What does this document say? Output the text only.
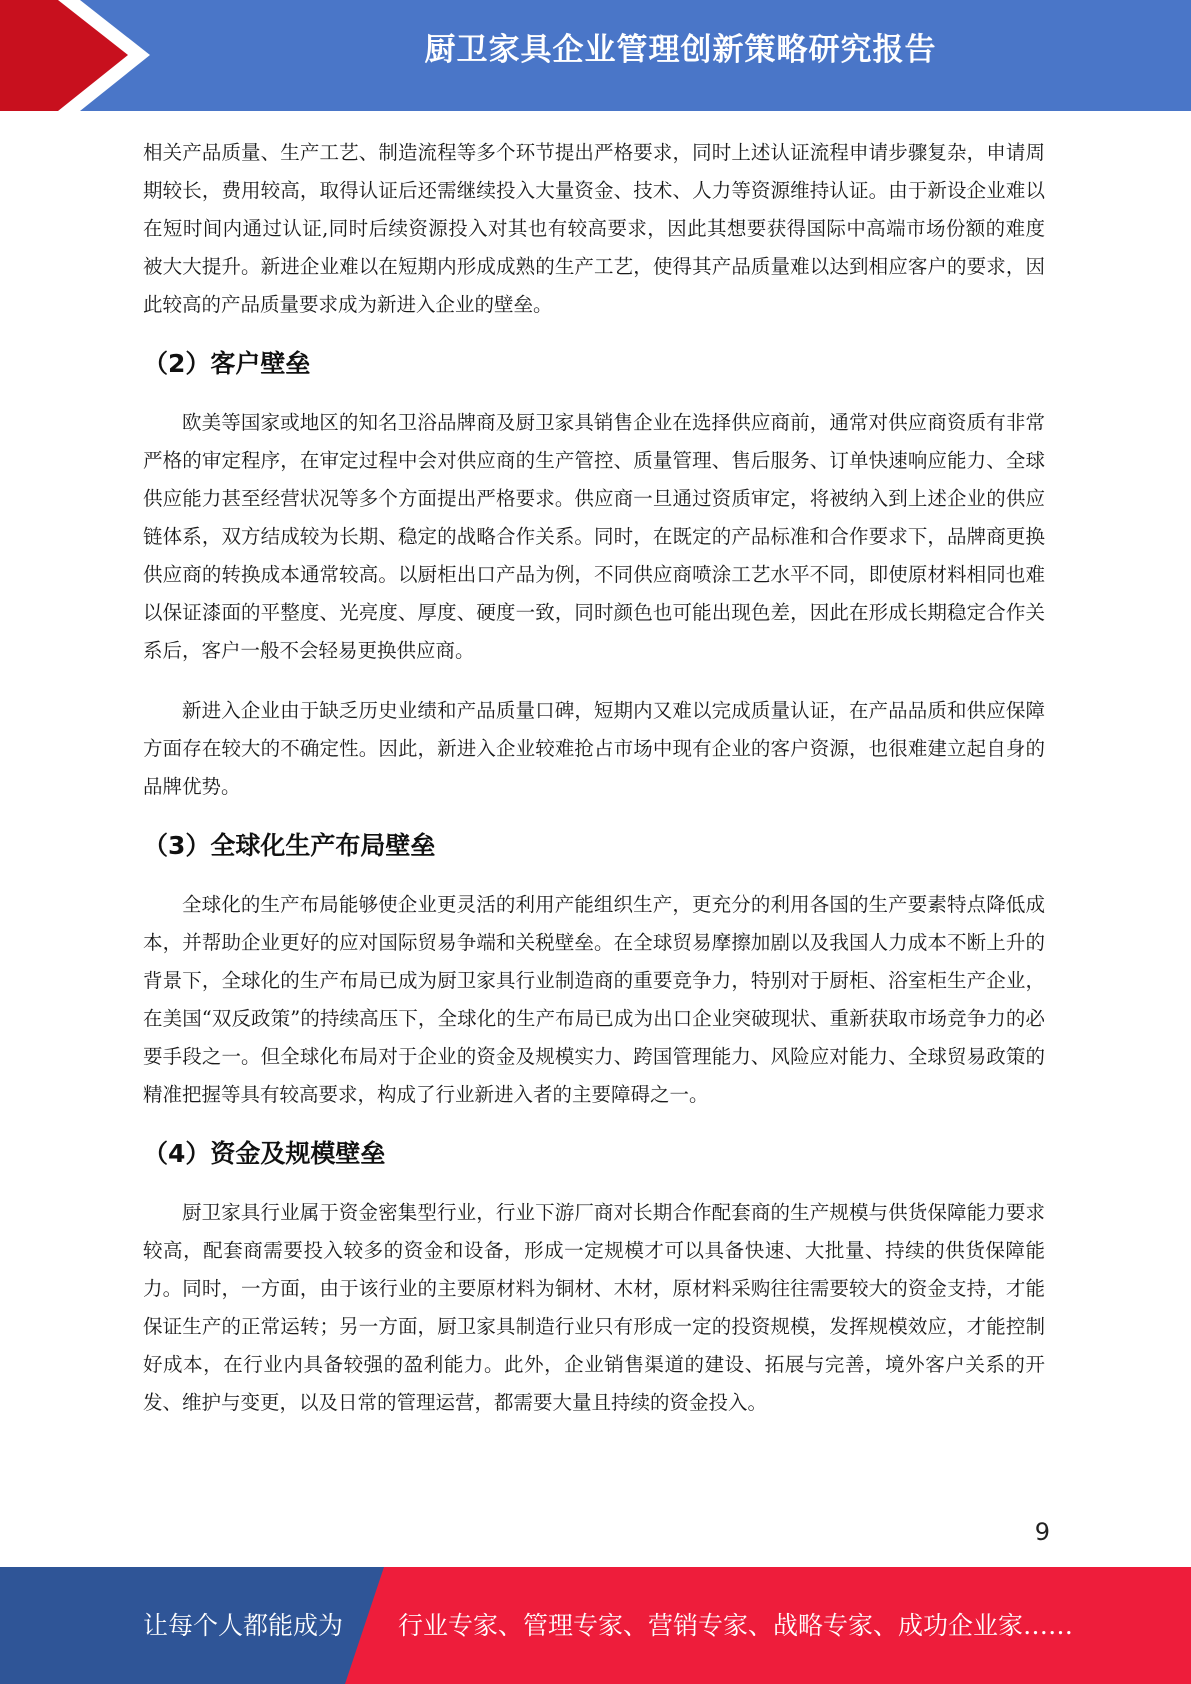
厨卫家具企业管理创新策略研究报告

相关产品质量、生产工艺、制造流程等多个环节提出严格要求，同时上述认证流程申请步骤复杂，申请周期较长，费用较高，取得认证后还需继续投入大量资金、技术、人力等资源维持认证。由于新设企业难以在短时间内通过认证,同时后续资源投入对其也有较高要求，因此其想要获得国际中高端市场份额的难度被大大提升。新进企业难以在短期内形成成熟的生产工艺，使得其产品质量难以达到相应客户的要求，因此较高的产品质量要求成为新进入企业的壁垒。

（2）客户壁垒

欧美等国家或地区的知名卫浴品牌商及厨卫家具销售企业在选择供应商前，通常对供应商资质有非常严格的审定程序，在审定过程中会对供应商的生产管控、质量管理、售后服务、订单快速响应能力、全球供应能力甚至经营状况等多个方面提出严格要求。供应商一旦通过资质审定，将被纳入到上述企业的供应链体系，双方结成较为长期、稳定的战略合作关系。同时，在既定的产品标准和合作要求下，品牌商更换供应商的转换成本通常较高。以厨柜出口产品为例，不同供应商喷涂工艺水平不同，即使原材料相同也难以保证漆面的平整度、光亮度、厚度、硬度一致，同时颜色也可能出现色差，因此在形成长期稳定合作关系后，客户一般不会轻易更换供应商。

新进入企业由于缺乏历史业绩和产品质量口碑，短期内又难以完成质量认证，在产品品质和供应保障方面存在较大的不确定性。因此，新进入企业较难抢占市场中现有企业的客户资源，也很难建立起自身的品牌优势。

（3）全球化生产布局壁垒

全球化的生产布局能够使企业更灵活的利用产能组织生产，更充分的利用各国的生产要素特点降低成本，并帮助企业更好的应对国际贸易争端和关税壁垒。在全球贸易摩擦加剧以及我国人力成本不断上升的背景下，全球化的生产布局已成为厨卫家具行业制造商的重要竞争力，特别对于厨柜、浴室柜生产企业，在美国“双反政策”的持续高压下，全球化的生产布局已成为出口企业突破现状、重新获取市场竞争力的必要手段之一。但全球化布局对于企业的资金及规模实力、跨国管理能力、风险应对能力、全球贸易政策的精准把握等具有较高要求，构成了行业新进入者的主要障碍之一。

（4）资金及规模壁垒

厨卫家具行业属于资金密集型行业，行业下游厂商对长期合作配套商的生产规模与供货保障能力要求较高，配套商需要投入较多的资金和设备，形成一定规模才可以具备快速、大批量、持续的供货保障能力。同时，一方面，由于该行业的主要原材料为铜材、木材，原材料采购往往需要较大的资金支持，才能保证生产的正常运转；另一方面，厨卫家具制造行业只有形成一定的投资规模，发挥规模效应，才能控制好成本，在行业内具备较强的盈利能力。此外，企业销售渠道的建设、拓展与完善，境外客户关系的开发、维护与变更，以及日常的管理运营，都需要大量且持续的资金投入。

9
让每个人都能成为 行业专家、管理专家、营销专家、战略专家、成功企业家……
